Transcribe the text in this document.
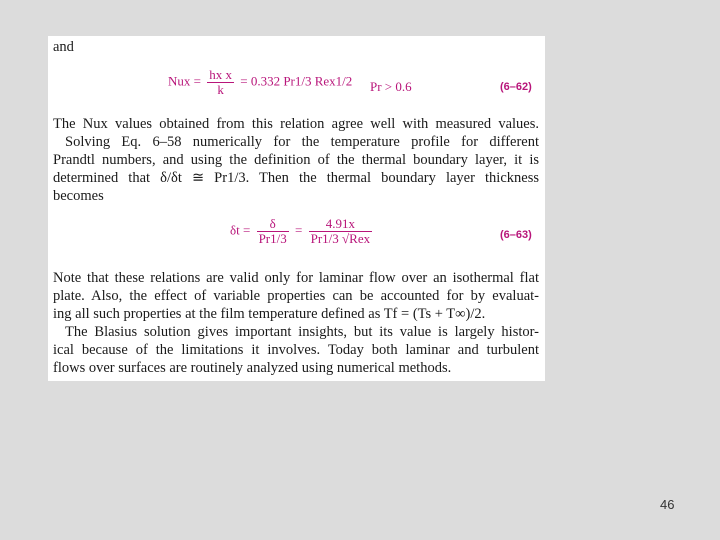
and
Nux = $\frac{\text{hx x}}{k} = 0.332$ Pr1/3 Rex1/2 Pr > 0.6	(6–62)
The Nux values obtained from this relation agree well with measured values.
Solving Eq. 6–58 numerically for the temperature profile for different
Prandtl numbers, and using the definition of the thermal boundary layer, it is
determined that δ/δt ≅ Pr1/3. Then the thermal boundary layer thickness
becomes
$\delta t = \frac{\delta}{Pr1/3} = \frac{4.91x}{\text{Pr1/3 √Rex}}$	(6–63)
Note that these relations are valid only for laminar flow over an isothermal flat
plate. Also, the effect of variable properties can be accounted for by evaluat-
ing all such properties at the film temperature defined as Tf = (Ts + T∞)/2.
The Blasius solution gives important insights, but its value is largely histor-
ical because of the limitations it involves. Today both laminar and turbulent
flows over surfaces are routinely analyzed using numerical methods.
46
